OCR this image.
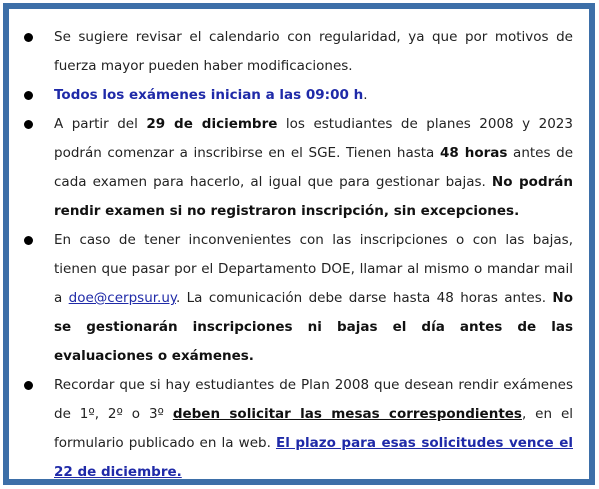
Se sugiere revisar el calendario con regularidad, ya que por motivos de fuerza mayor pueden haber modificaciones.
Todos los exámenes inician a las 09:00 h.
A partir del 29 de diciembre los estudiantes de planes 2008 y 2023 podrán comenzar a inscribirse en el SGE. Tienen hasta 48 horas antes de cada examen para hacerlo, al igual que para gestionar bajas. No podrán rendir examen si no registraron inscripción, sin excepciones.
En caso de tener inconvenientes con las inscripciones o con las bajas, tienen que pasar por el Departamento DOE, llamar al mismo o mandar mail a doe@cerpsur.uy. La comunicación debe darse hasta 48 horas antes. No se gestionarán inscripciones ni bajas el día antes de las evaluaciones o exámenes.
Recordar que si hay estudiantes de Plan 2008 que desean rendir exámenes de 1º, 2º o 3º deben solicitar las mesas correspondientes, en el formulario publicado en la web. El plazo para esas solicitudes vence el 22 de diciembre.
